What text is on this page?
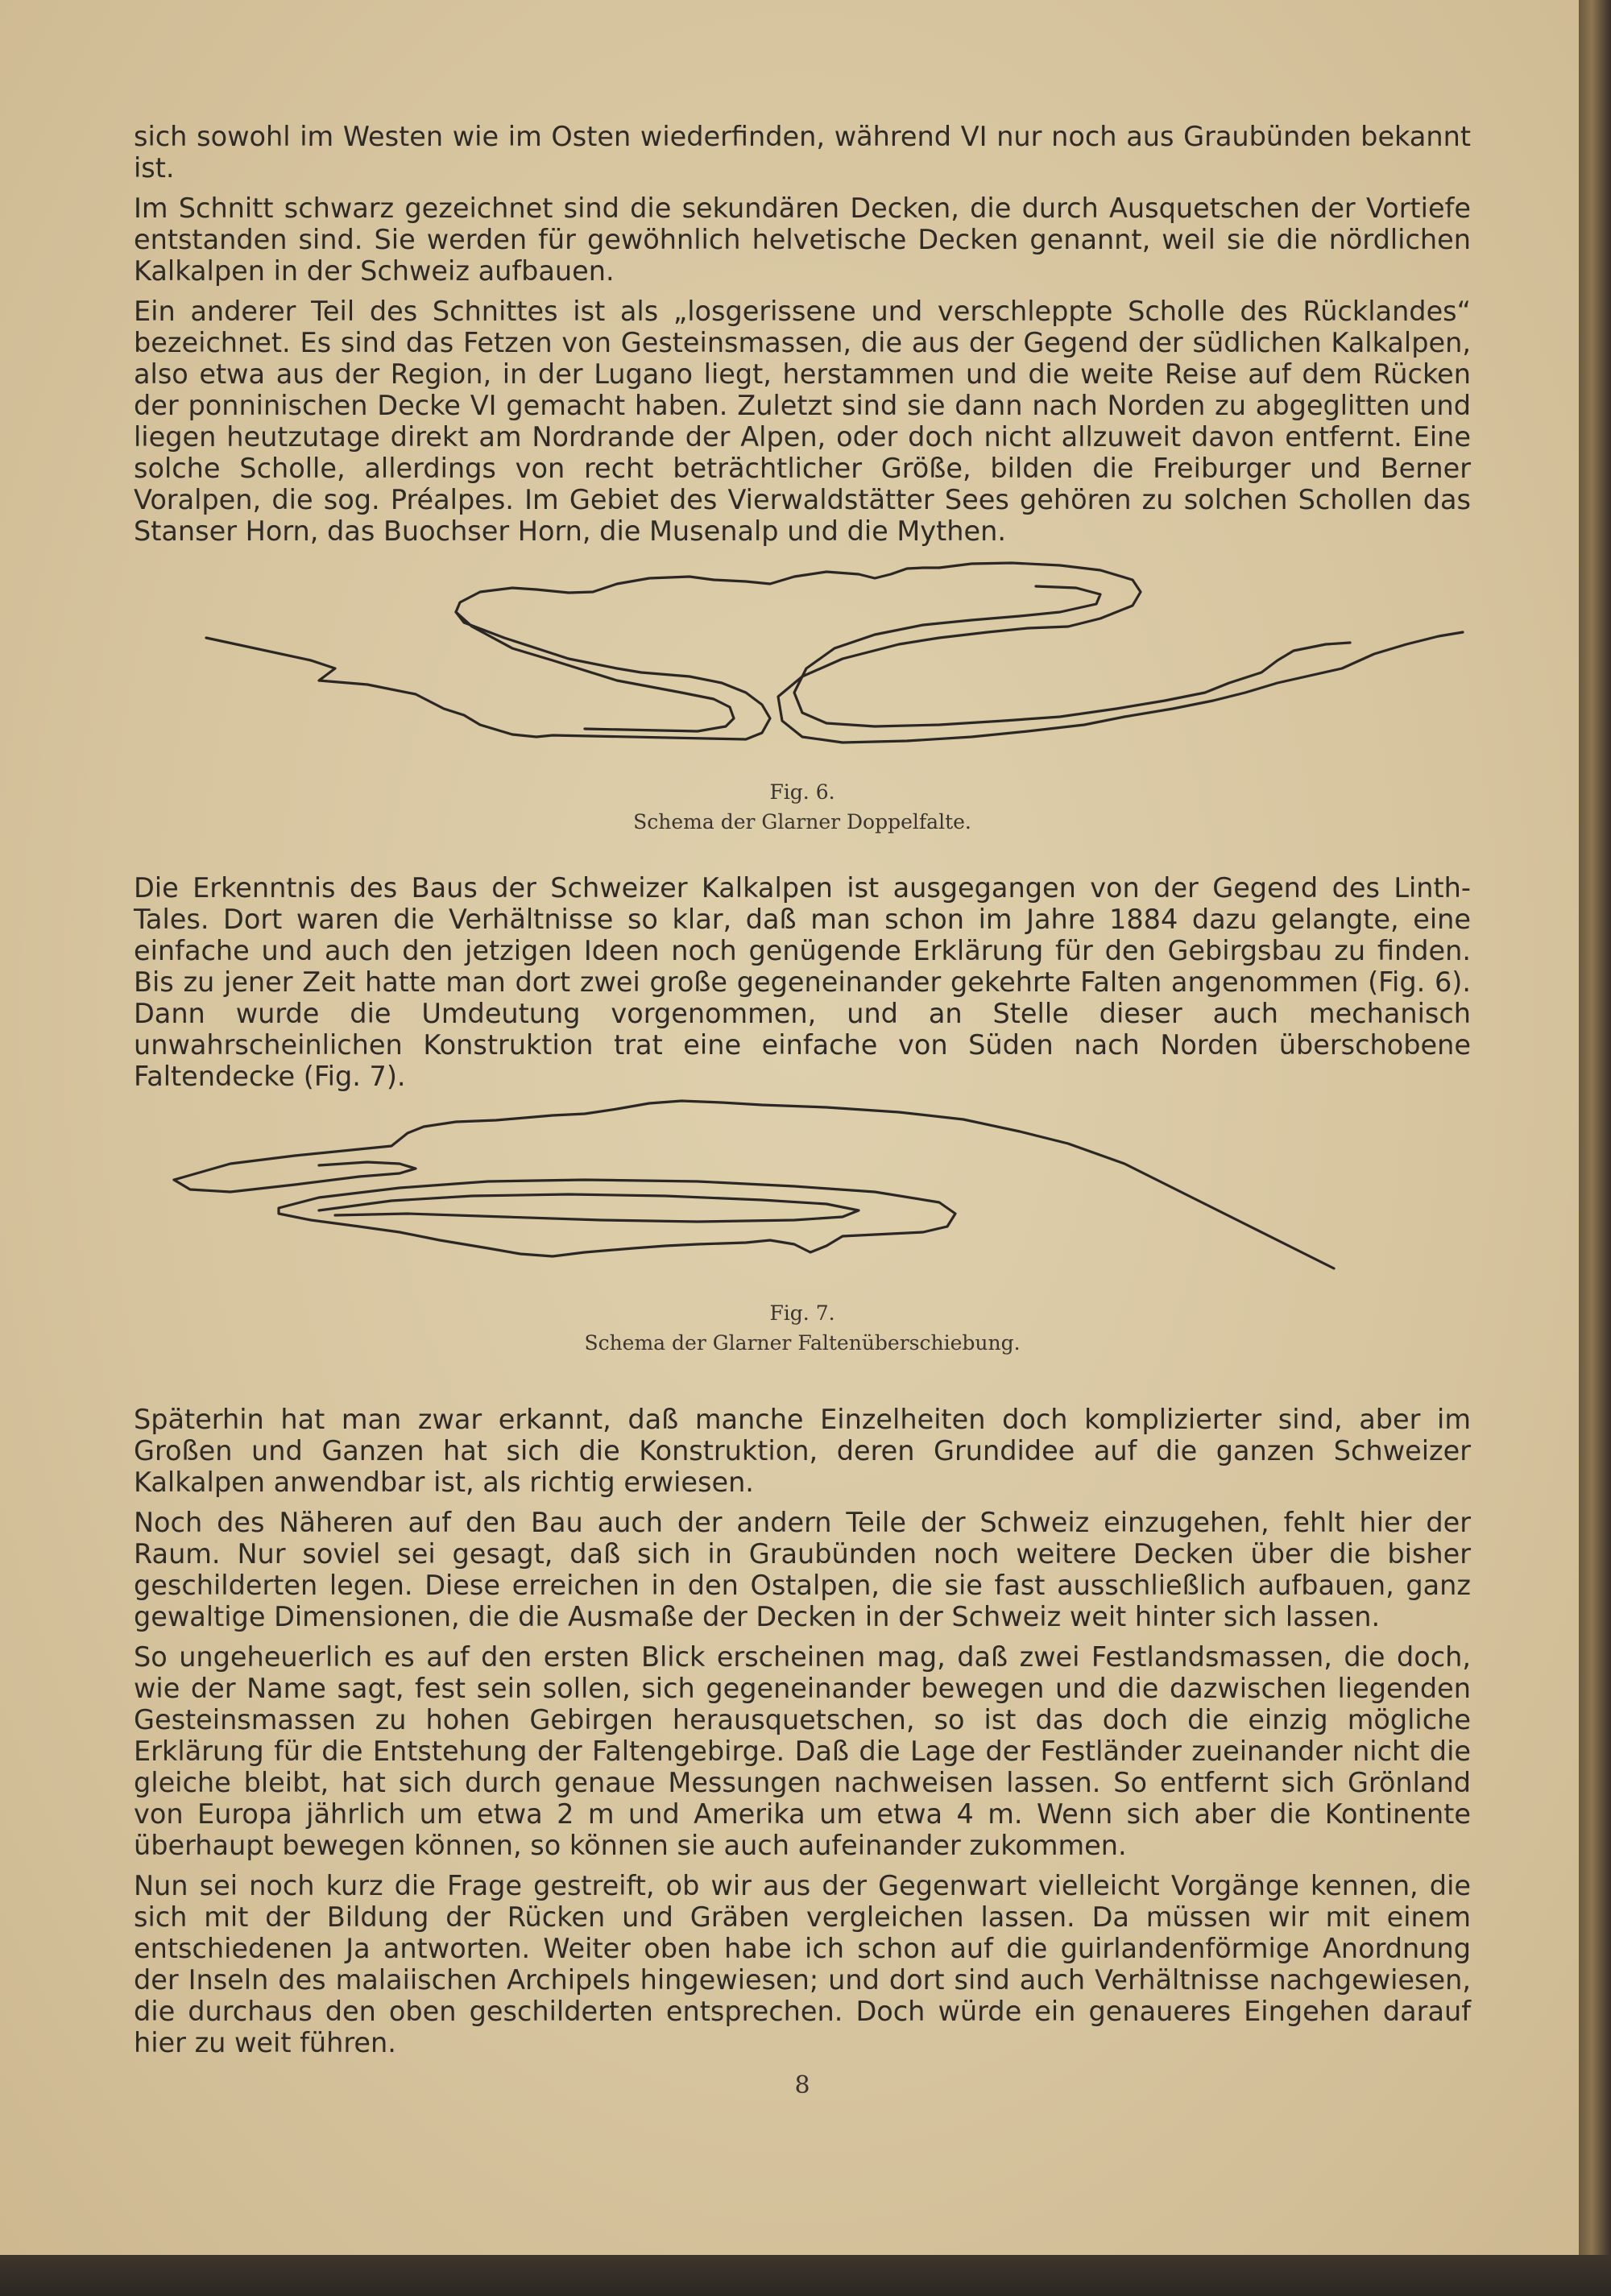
sich sowohl im Westen wie im Osten wiederfinden, während VI nur noch aus Graubünden bekannt ist.

Im Schnitt schwarz gezeichnet sind die sekundären Decken, die durch Ausquetschen der Vortiefe entstanden sind. Sie werden für gewöhnlich helvetische Decken genannt, weil sie die nördlichen Kalkalpen in der Schweiz aufbauen.

Ein anderer Teil des Schnittes ist als „losgerissene und verschleppte Scholle des Rücklandes“ bezeichnet. Es sind das Fetzen von Gesteinsmassen, die aus der Gegend der südlichen Kalkalpen, also etwa aus der Region, in der Lugano liegt, herstammen und die weite Reise auf dem Rücken der ponninischen Decke VI gemacht haben. Zuletzt sind sie dann nach Norden zu abgeglitten und liegen heutzutage direkt am Nordrande der Alpen, oder doch nicht allzuweit davon entfernt. Eine solche Scholle, allerdings von recht beträchtlicher Größe, bilden die Freiburger und Berner Voralpen, die sog. Préalpes. Im Gebiet des Vierwaldstätter Sees gehören zu solchen Schollen das Stanser Horn, das Buochser Horn, die Musenalp und die Mythen.

Fig. 6.
Schema der Glarner Doppelfalte.

Die Erkenntnis des Baus der Schweizer Kalkalpen ist ausgegangen von der Gegend des Linth-Tales. Dort waren die Verhältnisse so klar, daß man schon im Jahre 1884 dazu gelangte, eine einfache und auch den jetzigen Ideen noch genügende Erklärung für den Gebirgsbau zu finden. Bis zu jener Zeit hatte man dort zwei große gegeneinander gekehrte Falten angenommen (Fig. 6). Dann wurde die Umdeutung vorgenommen, und an Stelle dieser auch mechanisch unwahrscheinlichen Konstruktion trat eine einfache von Süden nach Norden überschobene Faltendecke (Fig. 7).

Fig. 7.
Schema der Glarner Faltenüberschiebung.

Späterhin hat man zwar erkannt, daß manche Einzelheiten doch komplizierter sind, aber im Großen und Ganzen hat sich die Konstruktion, deren Grundidee auf die ganzen Schweizer Kalkalpen anwendbar ist, als richtig erwiesen.

Noch des Näheren auf den Bau auch der andern Teile der Schweiz einzugehen, fehlt hier der Raum. Nur soviel sei gesagt, daß sich in Graubünden noch weitere Decken über die bisher geschilderten legen. Diese erreichen in den Ostalpen, die sie fast ausschließlich aufbauen, ganz gewaltige Dimensionen, die die Ausmaße der Decken in der Schweiz weit hinter sich lassen.

So ungeheuerlich es auf den ersten Blick erscheinen mag, daß zwei Festlandsmassen, die doch, wie der Name sagt, fest sein sollen, sich gegeneinander bewegen und die dazwischen liegenden Gesteinsmassen zu hohen Gebirgen herausquetschen, so ist das doch die einzig mögliche Erklärung für die Entstehung der Faltengebirge. Daß die Lage der Festländer zueinander nicht die gleiche bleibt, hat sich durch genaue Messungen nachweisen lassen. So entfernt sich Grönland von Europa jährlich um etwa 2 m und Amerika um etwa 4 m. Wenn sich aber die Kontinente überhaupt bewegen können, so können sie auch aufeinander zukommen.

Nun sei noch kurz die Frage gestreift, ob wir aus der Gegenwart vielleicht Vorgänge kennen, die sich mit der Bildung der Rücken und Gräben vergleichen lassen. Da müssen wir mit einem entschiedenen Ja antworten. Weiter oben habe ich schon auf die guirlandenförmige Anordnung der Inseln des malaiischen Archipels hingewiesen; und dort sind auch Verhältnisse nachgewiesen, die durchaus den oben geschilderten entsprechen. Doch würde ein genaueres Eingehen darauf hier zu weit führen.

8
